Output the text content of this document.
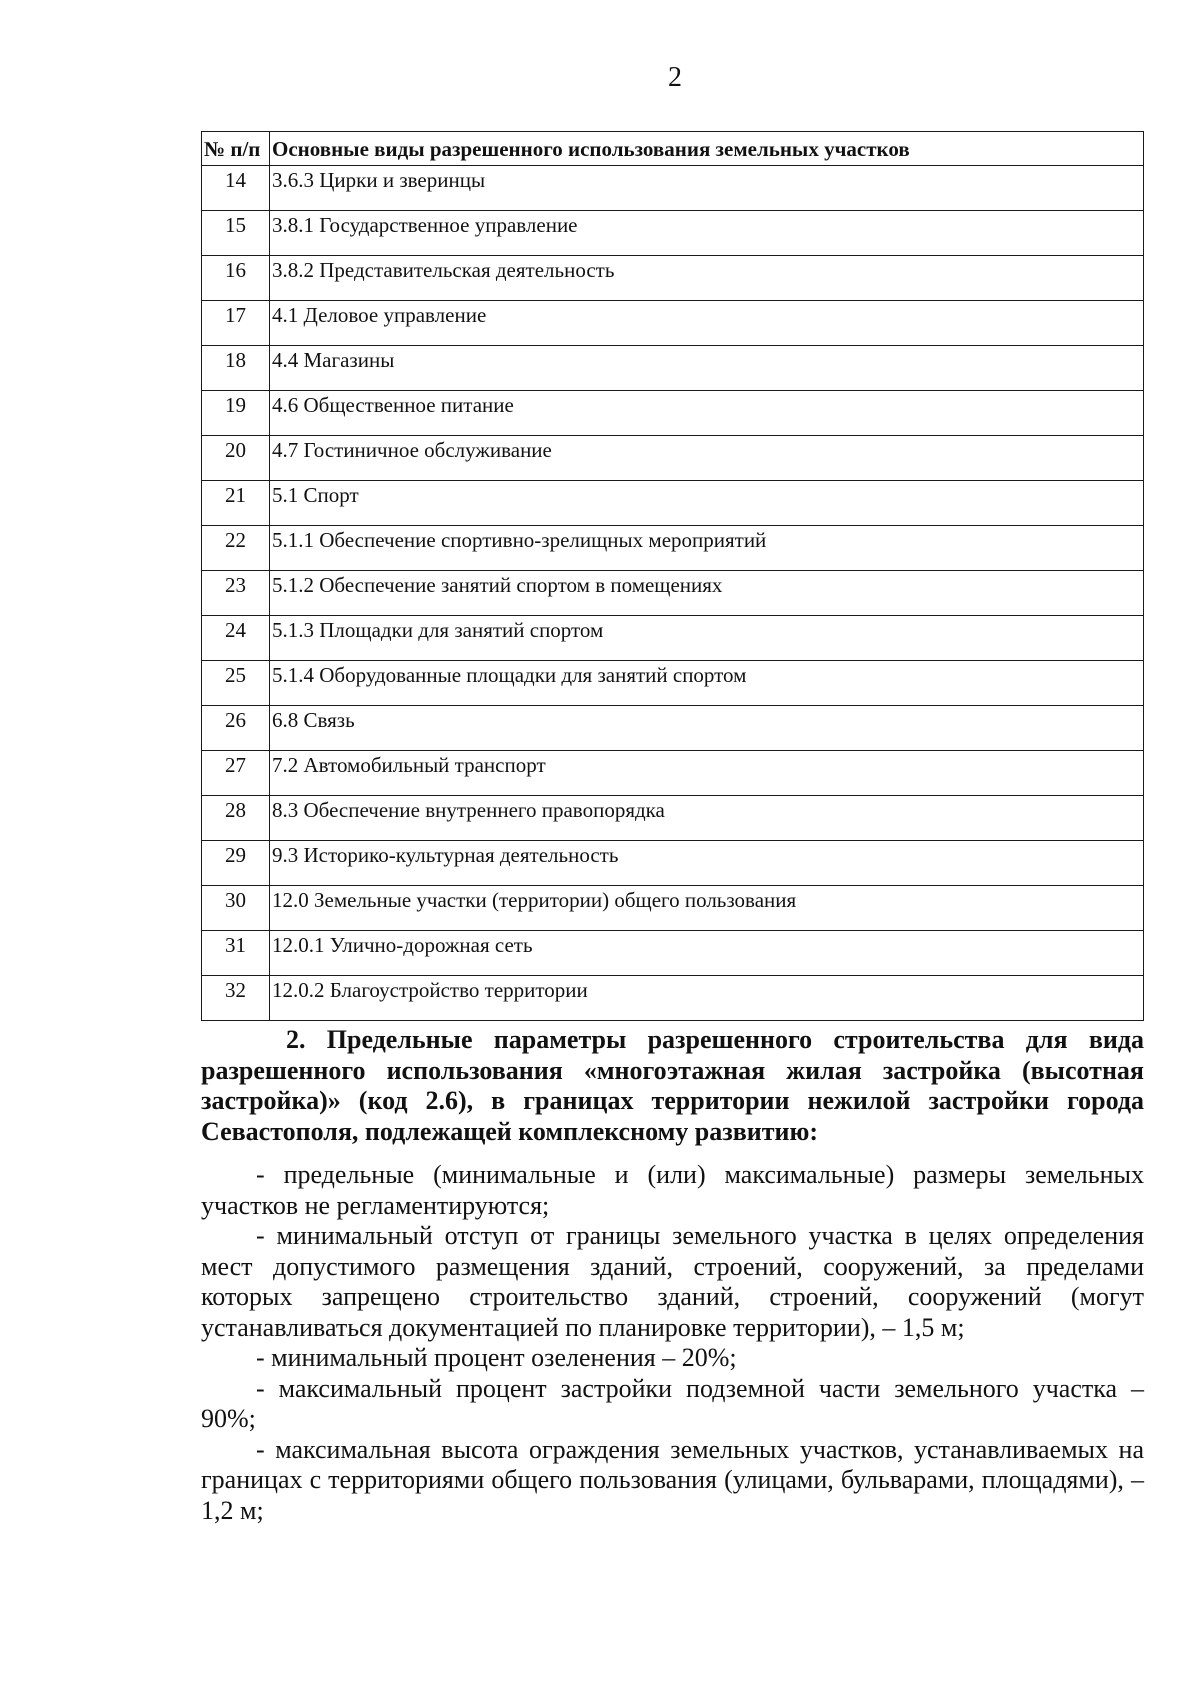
2
№ п/п	Основные виды разрешенного использования земельных участков
14	3.6.3 Цирки и зверинцы
15	3.8.1 Государственное управление
16	3.8.2 Представительская деятельность
17	4.1 Деловое управление
18	4.4 Магазины
19	4.6 Общественное питание
20	4.7 Гостиничное обслуживание
21	5.1 Спорт
22	5.1.1 Обеспечение спортивно-зрелищных мероприятий
23	5.1.2 Обеспечение занятий спортом в помещениях
24	5.1.3 Площадки для занятий спортом
25	5.1.4 Оборудованные площадки для занятий спортом
26	6.8 Связь
27	7.2 Автомобильный транспорт
28	8.3 Обеспечение внутреннего правопорядка
29	9.3 Историко-культурная деятельность
30	12.0 Земельные участки (территории) общего пользования
31	12.0.1 Улично-дорожная сеть
32	12.0.2 Благоустройство территории
2. Предельные параметры разрешенного строительства для вида разрешенного использования «многоэтажная жилая застройка (высотная застройка)» (код 2.6), в границах территории нежилой застройки города Севастополя, подлежащей комплексному развитию:

- предельные (минимальные и (или) максимальные) размеры земельных участков не регламентируются;

- минимальный отступ от границы земельного участка в целях определения мест допустимого размещения зданий, строений, сооружений, за пределами которых запрещено строительство зданий, строений, сооружений (могут устанавливаться документацией по планировке территории), – 1,5 м;

- минимальный процент озеленения – 20%;

- максимальный процент застройки подземной части земельного участка – 90%;

- максимальная высота ограждения земельных участков, устанавливаемых на границах с территориями общего пользования (улицами, бульварами, площадями), – 1,2 м;
